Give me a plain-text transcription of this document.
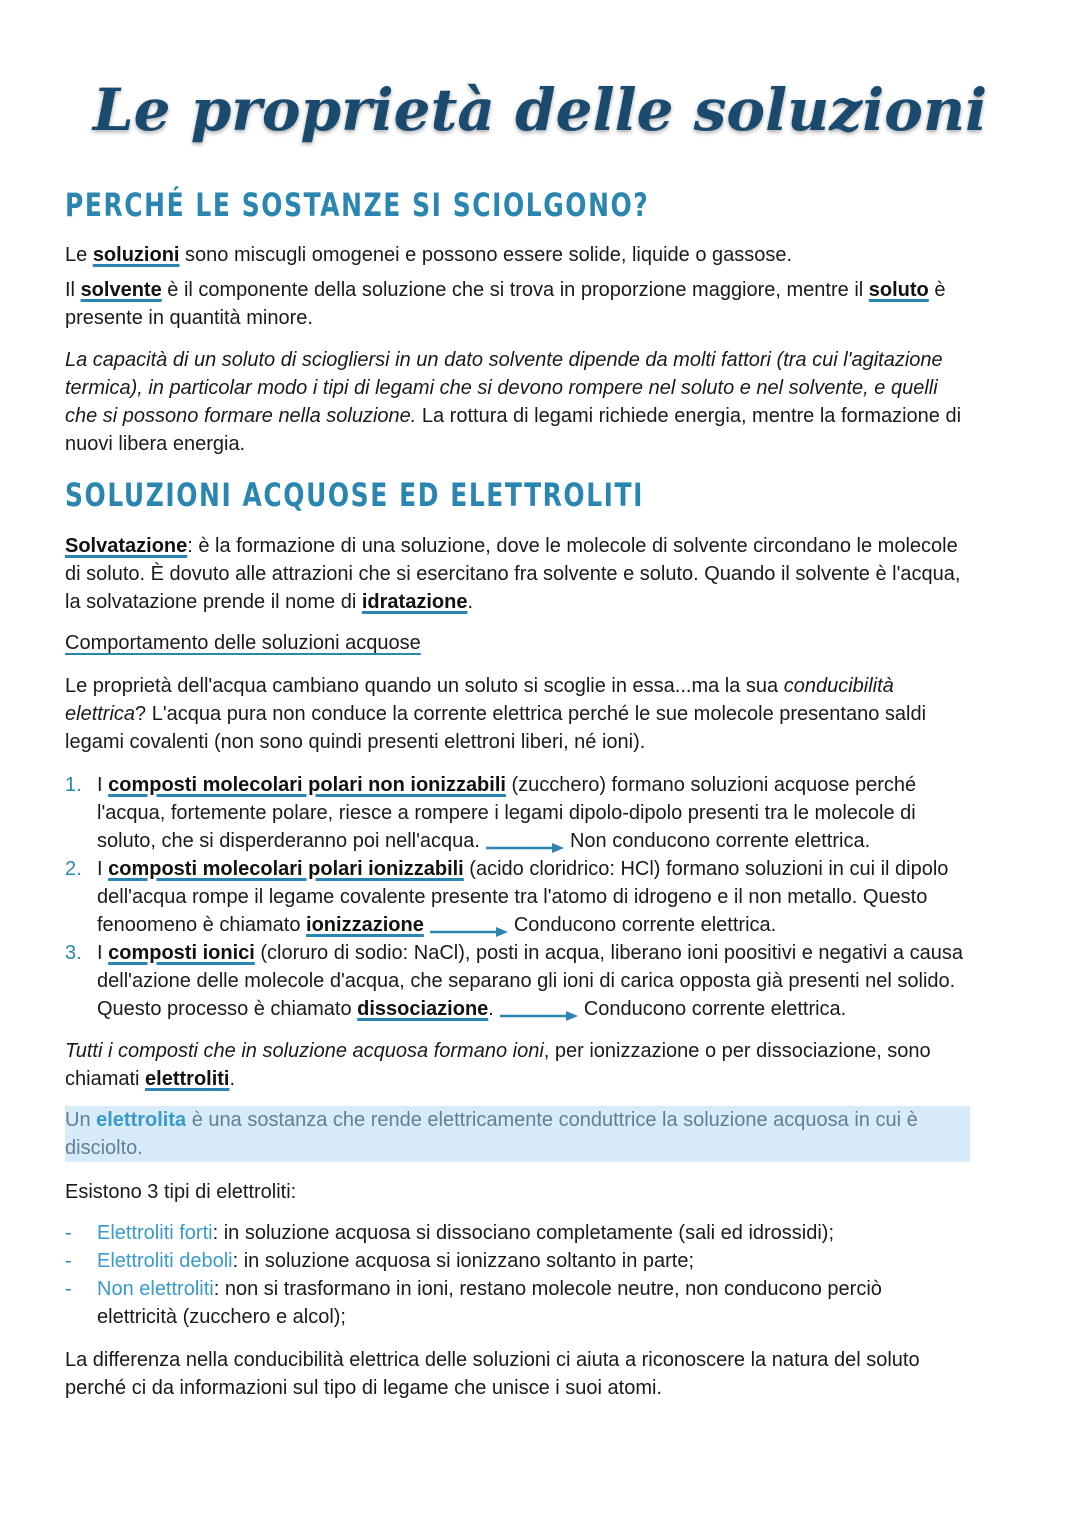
Le proprietà delle soluzioni
PERCHÉ LE SOSTANZE SI SCIOLGONO?
Le soluzioni sono miscugli omogenei e possono essere solide, liquide o gassose.
Il solvente è il componente della soluzione che si trova in proporzione maggiore, mentre il soluto è
presente in quantità minore.
La capacità di un soluto di sciogliersi in un dato solvente dipende da molti fattori (tra cui l'agitazione
termica), in particolar modo i tipi di legami che si devono rompere nel soluto e nel solvente, e quelli
che si possono formare nella soluzione. La rottura di legami richiede energia, mentre la formazione di
nuovi libera energia.
SOLUZIONI ACQUOSE ED ELETTROLITI
Solvatazione: è la formazione di una soluzione, dove le molecole di solvente circondano le molecole
di soluto. È dovuto alle attrazioni che si esercitano fra solvente e soluto. Quando il solvente è l'acqua,
la solvatazione prende il nome di idratazione.
Comportamento delle soluzioni acquose
Le proprietà dell'acqua cambiano quando un soluto si scoglie in essa...ma la sua conducibilità
elettrica? L'acqua pura non conduce la corrente elettrica perché le sue molecole presentano saldi
legami covalenti (non sono quindi presenti elettroni liberi, né ioni).
1. I composti molecolari polari non ionizzabili (zucchero) formano soluzioni acquose perché
l'acqua, fortemente polare, riesce a rompere i legami dipolo-dipolo presenti tra le molecole di
soluto, che si disperderanno poi nell'acqua.	Non conducono corrente elettrica.
2. I composti molecolari polari ionizzabili (acido cloridrico: HCl) formano soluzioni in cui il dipolo
dell'acqua rompe il legame covalente presente tra l'atomo di idrogeno e il non metallo. Questo
fenoomeno è chiamato ionizzazione	Conducono corrente elettrica.
3. I composti ionici (cloruro di sodio: NaCl), posti in acqua, liberano ioni poositivi e negativi a causa
dell'azione delle molecole d'acqua, che separano gli ioni di carica opposta già presenti nel solido.
Questo processo è chiamato dissociazione.	Conducono corrente elettrica.
Tutti i composti che in soluzione acquosa formano ioni, per ionizzazione o per dissociazione, sono
chiamati elettroliti.
Un elettrolita è una sostanza che rende elettricamente conduttrice la soluzione acquosa in cui è
disciolto.
Esistono 3 tipi di elettroliti:
- Elettroliti forti: in soluzione acquosa si dissociano completamente (sali ed idrossidi);
- Elettroliti deboli: in soluzione acquosa si ionizzano soltanto in parte;
- Non elettroliti: non si trasformano in ioni, restano molecole neutre, non conducono perciò
elettricità (zucchero e alcol);
La differenza nella conducibilità elettrica delle soluzioni ci aiuta a riconoscere la natura del soluto
perché ci da informazioni sul tipo di legame che unisce i suoi atomi.
